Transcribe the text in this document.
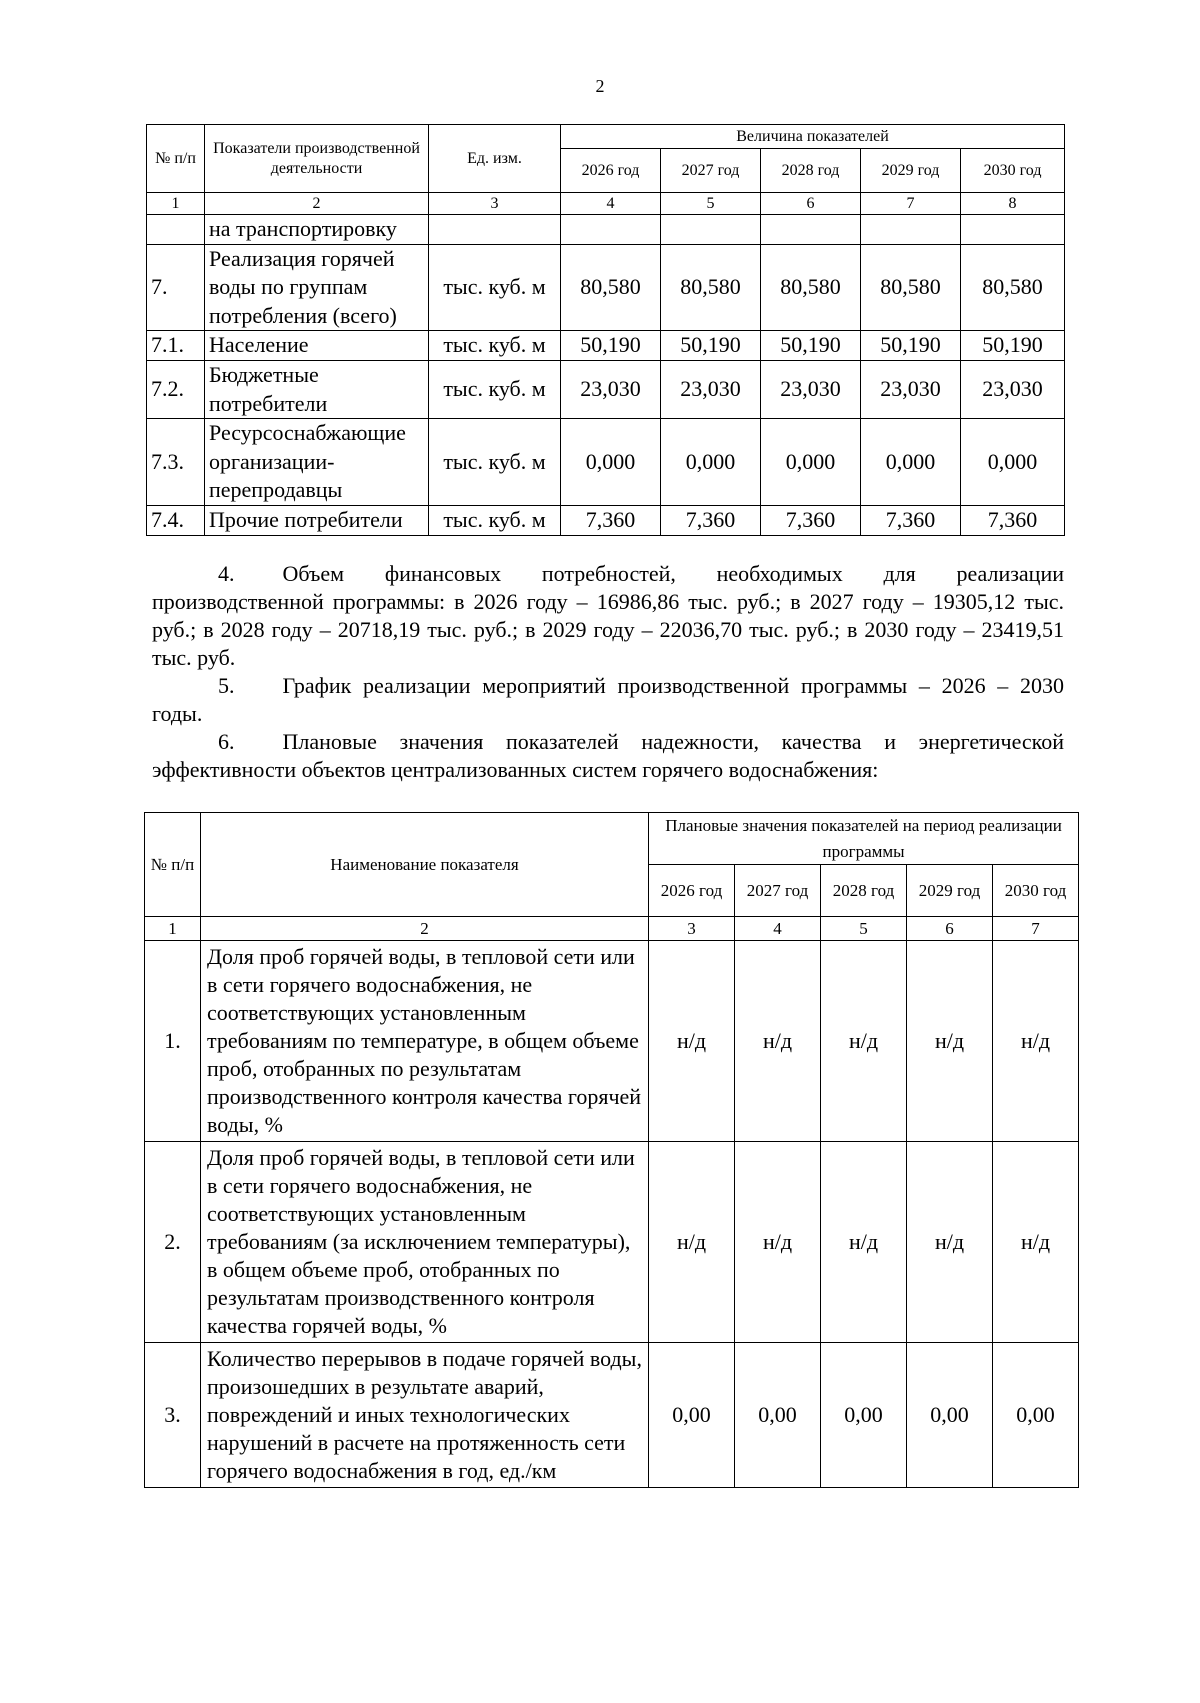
2
№ п/п	Показатели производственной деятельности	Ед. изм.	Величина показателей				
			2026 год	2027 год	2028 год	2029 год	2030 год
1	2	3	4	5	6	7	8
	на транспортировку						
7.	Реализация горячей воды по группам потребления (всего)	тыс. куб. м	80,580	80,580	80,580	80,580	80,580
7.1.	Население	тыс. куб. м	50,190	50,190	50,190	50,190	50,190
7.2.	Бюджетные потребители	тыс. куб. м	23,030	23,030	23,030	23,030	23,030
7.3.	Ресурсоснабжающие организации-перепродавцы	тыс. куб. м	0,000	0,000	0,000	0,000	0,000
7.4.	Прочие потребители	тыс. куб. м	7,360	7,360	7,360	7,360	7,360
4. Объем финансовых потребностей, необходимых для реализации производственной программы: в 2026 году – 16986,86 тыс. руб.; в 2027 году – 19305,12 тыс. руб.; в 2028 году – 20718,19 тыс. руб.; в 2029 году – 22036,70 тыс. руб.; в 2030 году – 23419,51 тыс. руб.
5. График реализации мероприятий производственной программы – 2026 – 2030 годы.
6. Плановые значения показателей надежности, качества и энергетической эффективности объектов централизованных систем горячего водоснабжения:
№ п/п	Наименование показателя	Плановые значения показателей на период реализации программы				
		2026 год	2027 год	2028 год	2029 год	2030 год
1	2	3	4	5	6	7
1.	Доля проб горячей воды, в тепловой сети или в сети горячего водоснабжения, не соответствующих установленным требованиям по температуре, в общем объеме проб, отобранных по результатам производственного контроля качества горячей воды, %	н/д	н/д	н/д	н/д	н/д
2.	Доля проб горячей воды, в тепловой сети или в сети горячего водоснабжения, не соответствующих установленным требованиям (за исключением температуры), в общем объеме проб, отобранных по результатам производственного контроля качества горячей воды, %	н/д	н/д	н/д	н/д	н/д
3.	Количество перерывов в подаче горячей воды, произошедших в результате аварий, повреждений и иных технологических нарушений в расчете на протяженность сети горячего водоснабжения в год, ед./км	0,00	0,00	0,00	0,00	0,00
